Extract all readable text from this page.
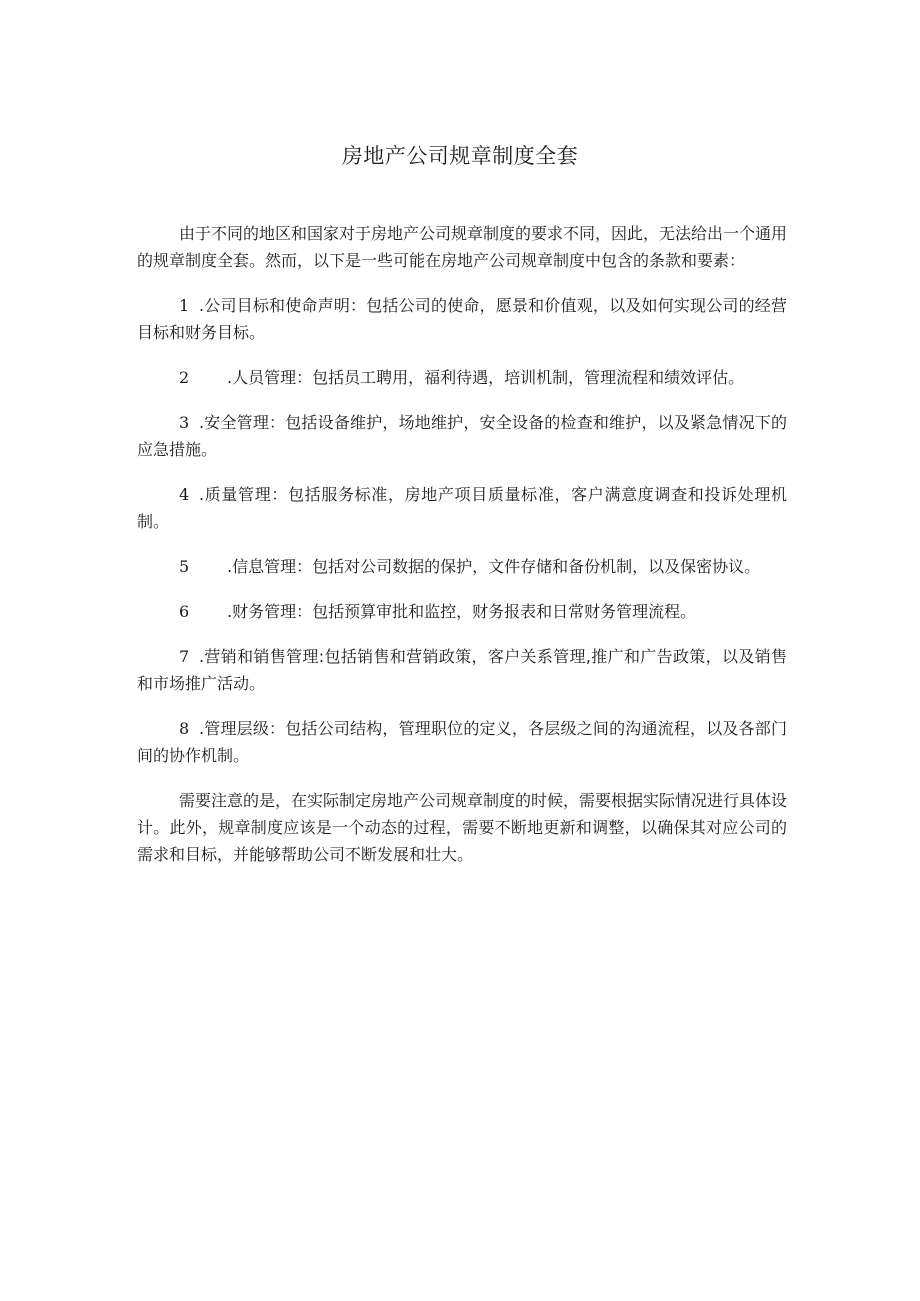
房地产公司规章制度全套

由于不同的地区和国家对于房地产公司规章制度的要求不同，因此，无法给出一个通用的规章制度全套。然而，以下是一些可能在房地产公司规章制度中包含的条款和要素：

1 .公司目标和使命声明：包括公司的使命，愿景和价值观，以及如何实现公司的经营目标和财务目标。

2 .人员管理：包括员工聘用，福利待遇，培训机制，管理流程和绩效评估。

3 .安全管理：包括设备维护，场地维护，安全设备的检查和维护，以及紧急情况下的应急措施。

4 .质量管理：包括服务标准，房地产项目质量标准，客户满意度调查和投诉处理机制。

5 .信息管理：包括对公司数据的保护，文件存储和备份机制，以及保密协议。

6 .财务管理：包括预算审批和监控，财务报表和日常财务管理流程。

7 .营销和销售管理:包括销售和营销政策，客户关系管理,推广和广告政策，以及销售和市场推广活动。

8 .管理层级：包括公司结构，管理职位的定义，各层级之间的沟通流程，以及各部门间的协作机制。

需要注意的是，在实际制定房地产公司规章制度的时候，需要根据实际情况进行具体设计。此外，规章制度应该是一个动态的过程，需要不断地更新和调整，以确保其对应公司的需求和目标，并能够帮助公司不断发展和壮大。
